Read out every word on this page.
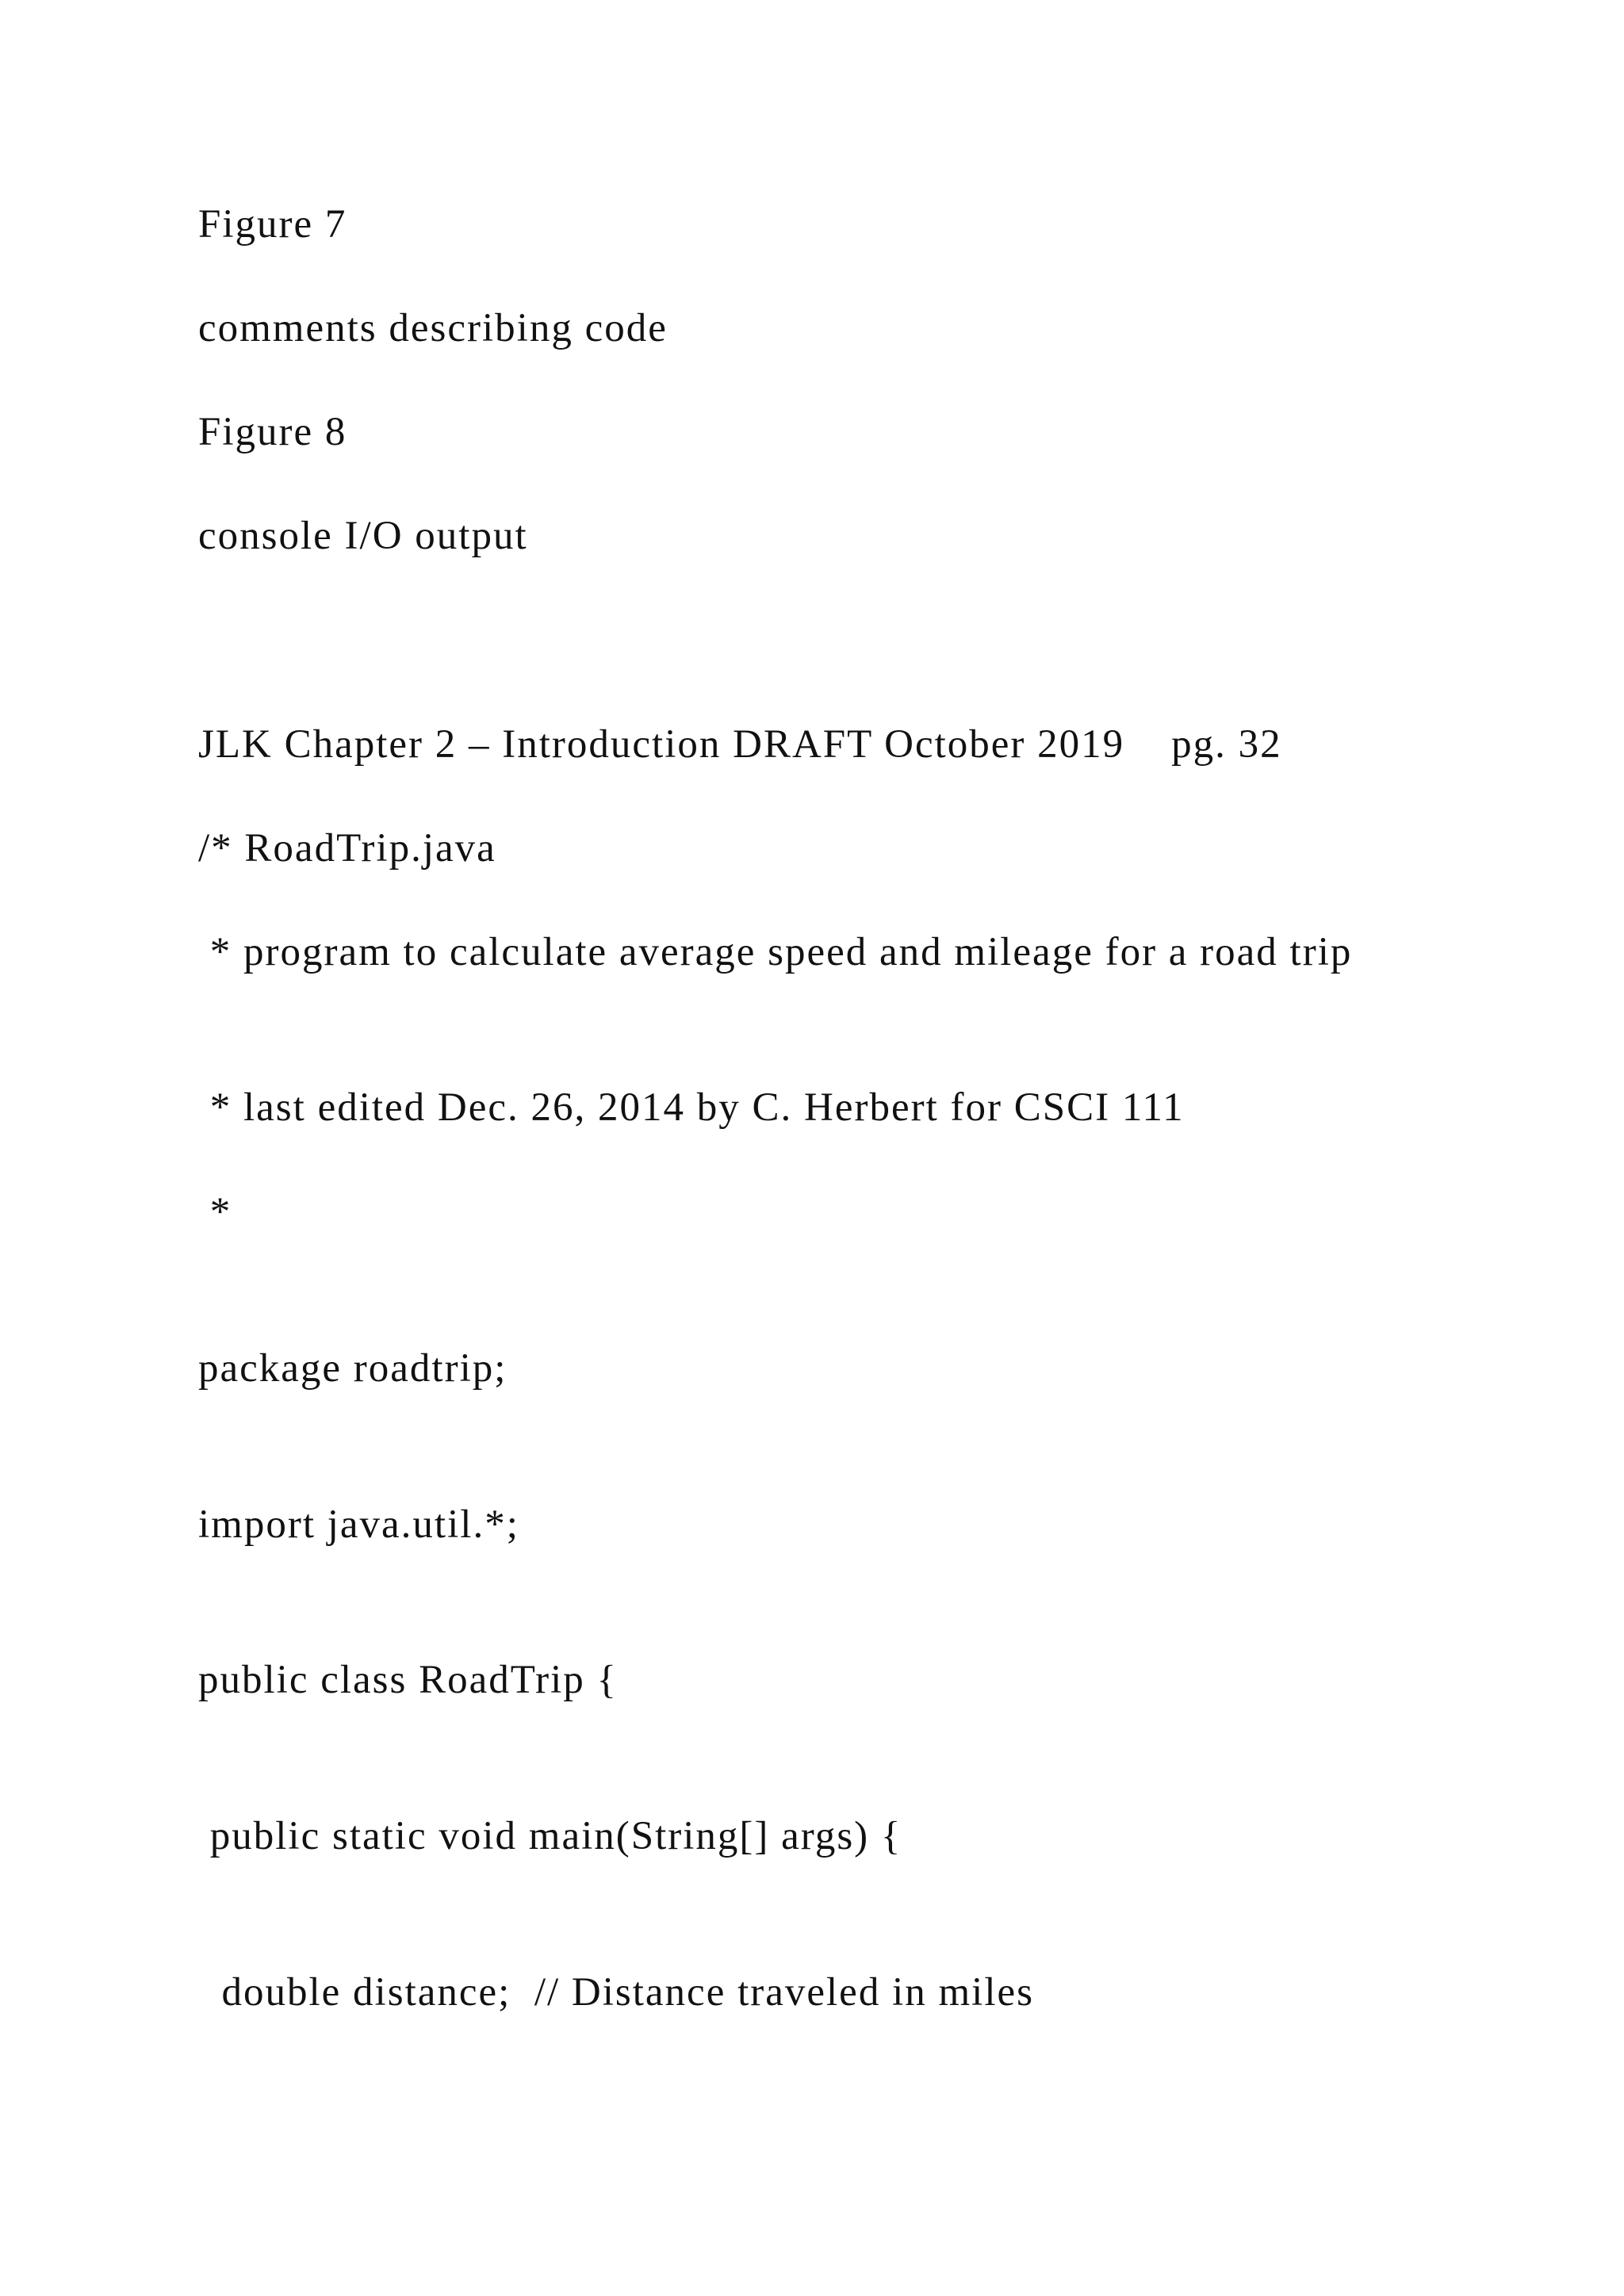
Figure 7

comments describing code

Figure 8

console I/O output

JLK Chapter 2 – Introduction DRAFT October 2019    pg. 32

/* RoadTrip.java

* program to calculate average speed and mileage for a road trip

* last edited Dec. 26, 2014 by C. Herbert for CSCI 111

*

package roadtrip;

import java.util.*;

public class RoadTrip {

public static void main(String[] args) {

double distance;  // Distance traveled in miles
